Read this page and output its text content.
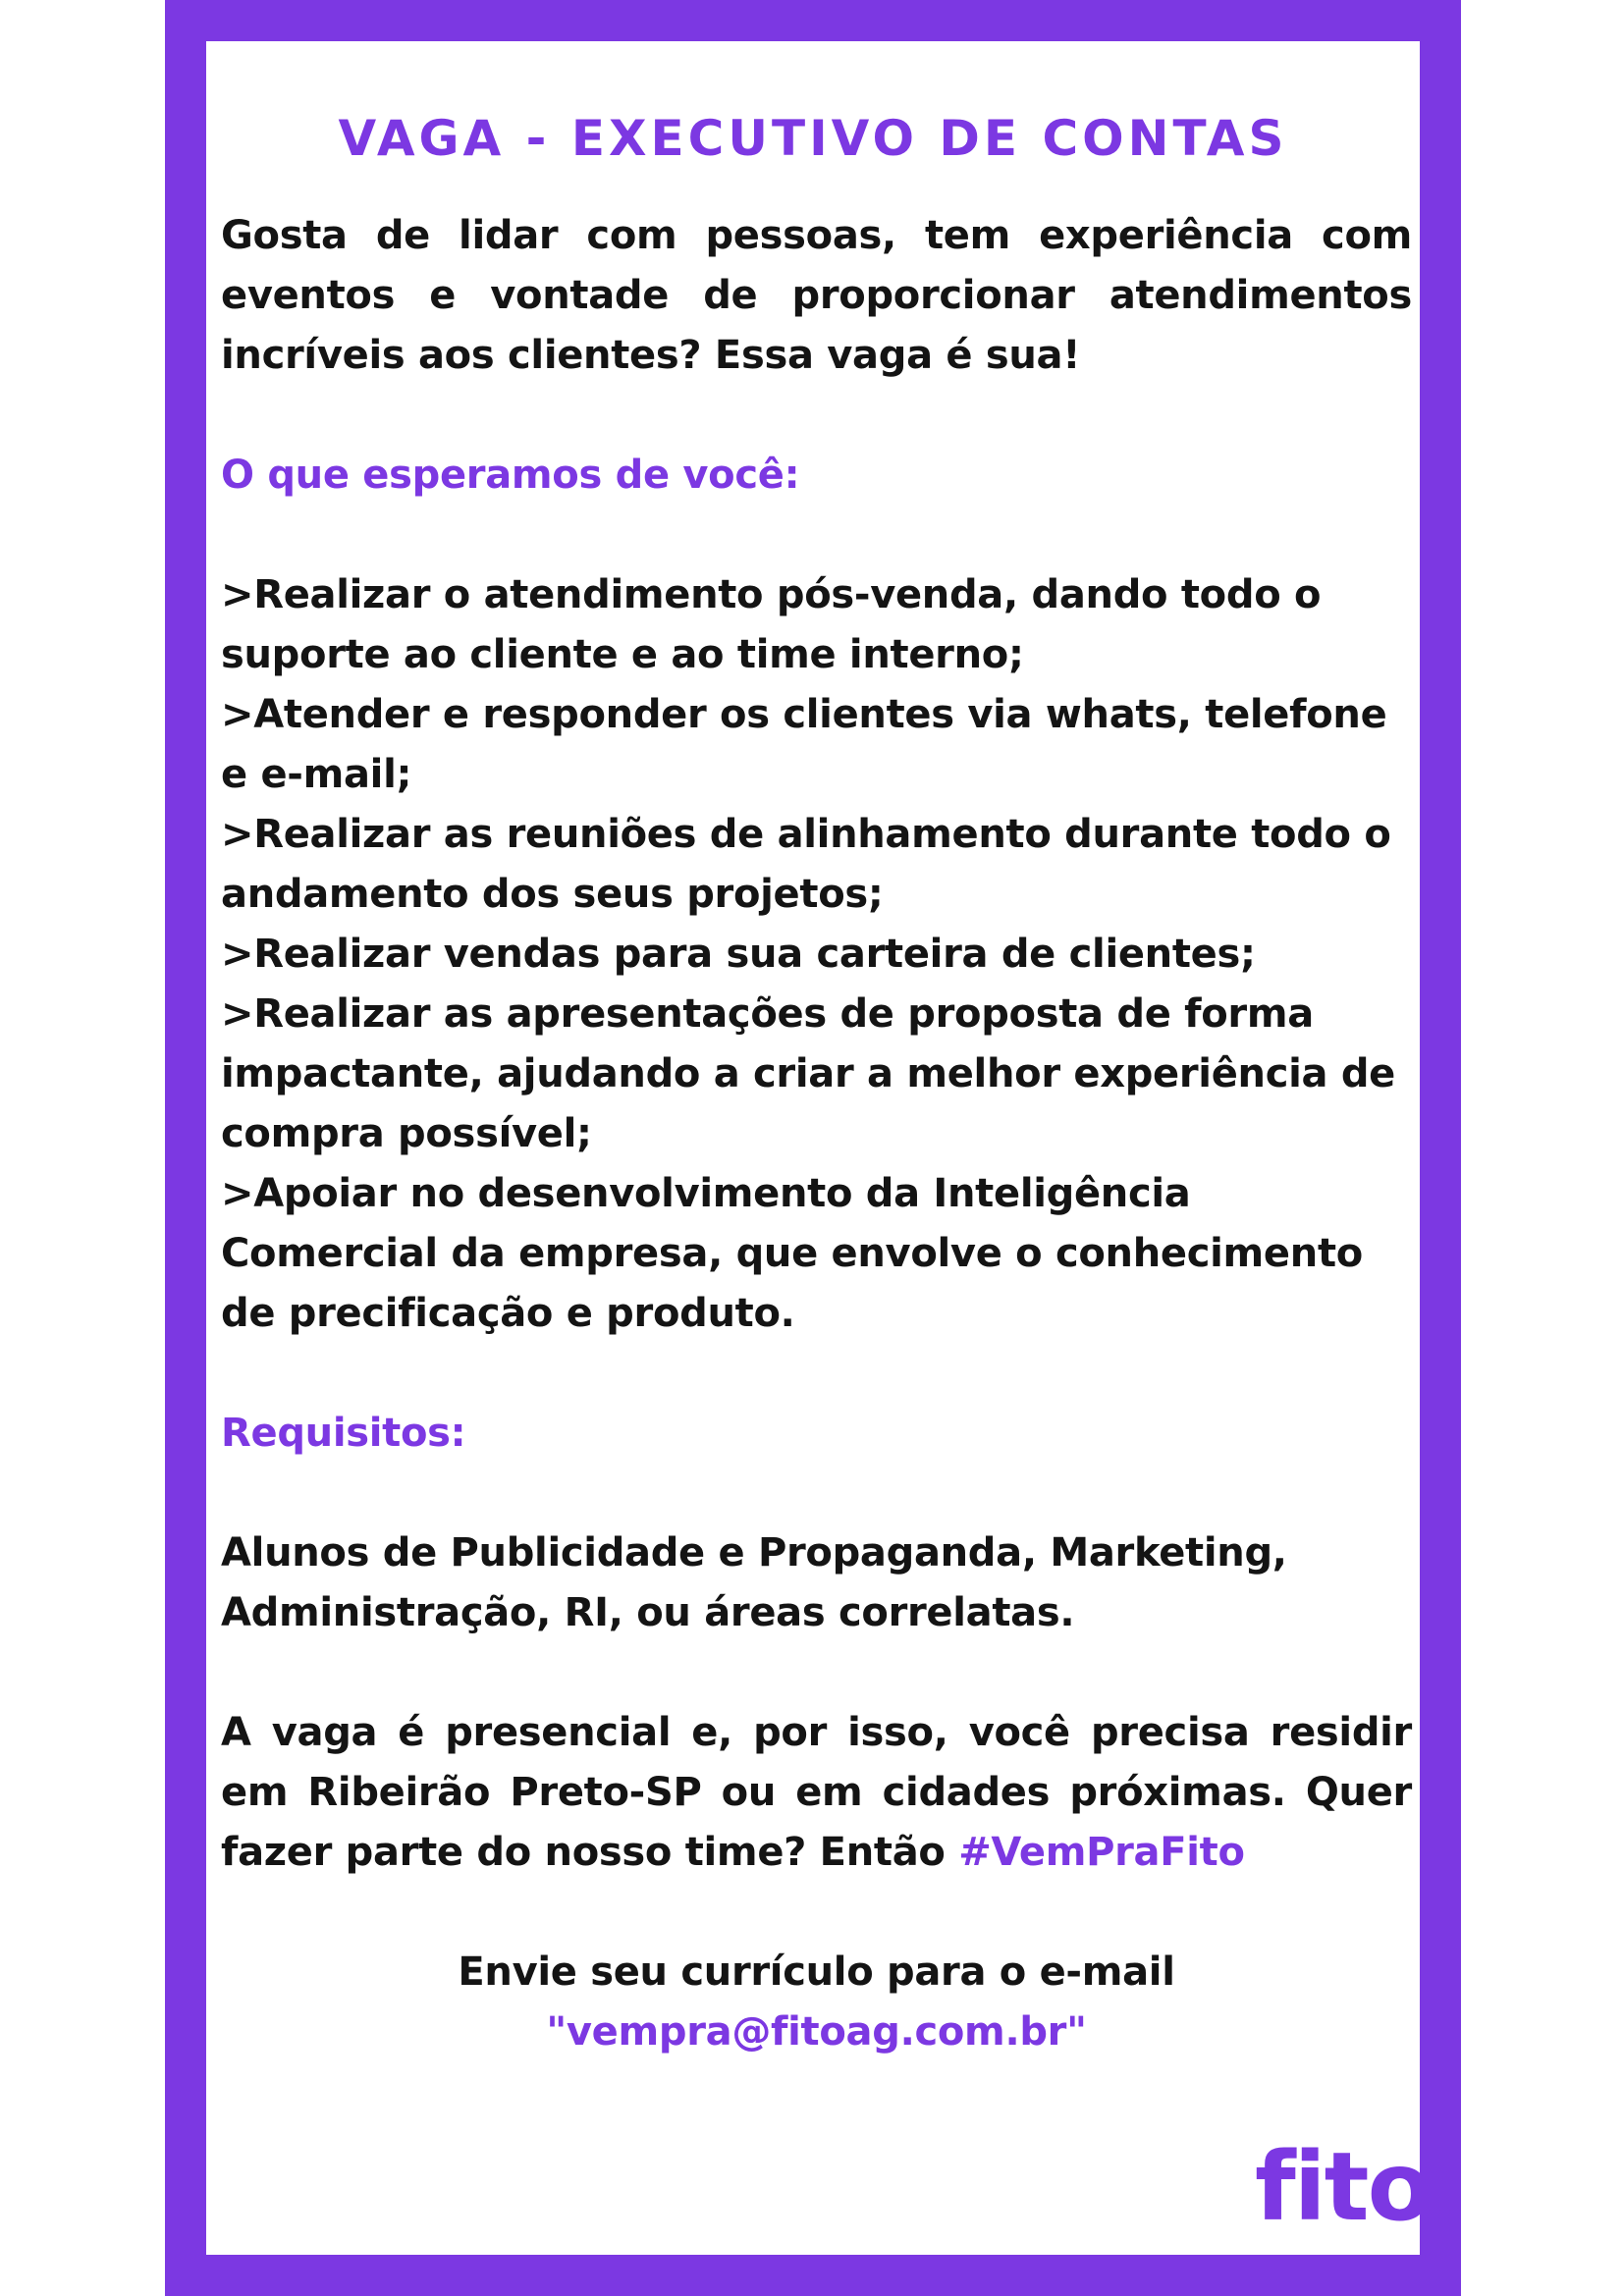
VAGA - EXECUTIVO DE CONTAS

Gosta de lidar com pessoas, tem experiência com eventos e vontade de proporcionar atendimentos incríveis aos clientes? Essa vaga é sua!

O que esperamos de você:

>Realizar o atendimento pós-venda, dando todo o suporte ao cliente e ao time interno;

>Atender e responder os clientes via whats, telefone e e-mail;

>Realizar as reuniões de alinhamento durante todo o andamento dos seus projetos;

>Realizar vendas para sua carteira de clientes;

>Realizar as apresentações de proposta de forma impactante, ajudando a criar a melhor experiência de compra possível;

>Apoiar no desenvolvimento da Inteligência Comercial da empresa, que envolve o conhecimento de precificação e produto.

Requisitos:

Alunos de Publicidade e Propaganda, Marketing, Administração, RI, ou áreas correlatas.

A vaga é presencial e, por isso, você precisa residir em Ribeirão Preto-SP ou em cidades próximas. Quer fazer parte do nosso time? Então #VemPraFito

Envie seu currículo para o e-mail

"vempra@fitoag.com.br"

fito
